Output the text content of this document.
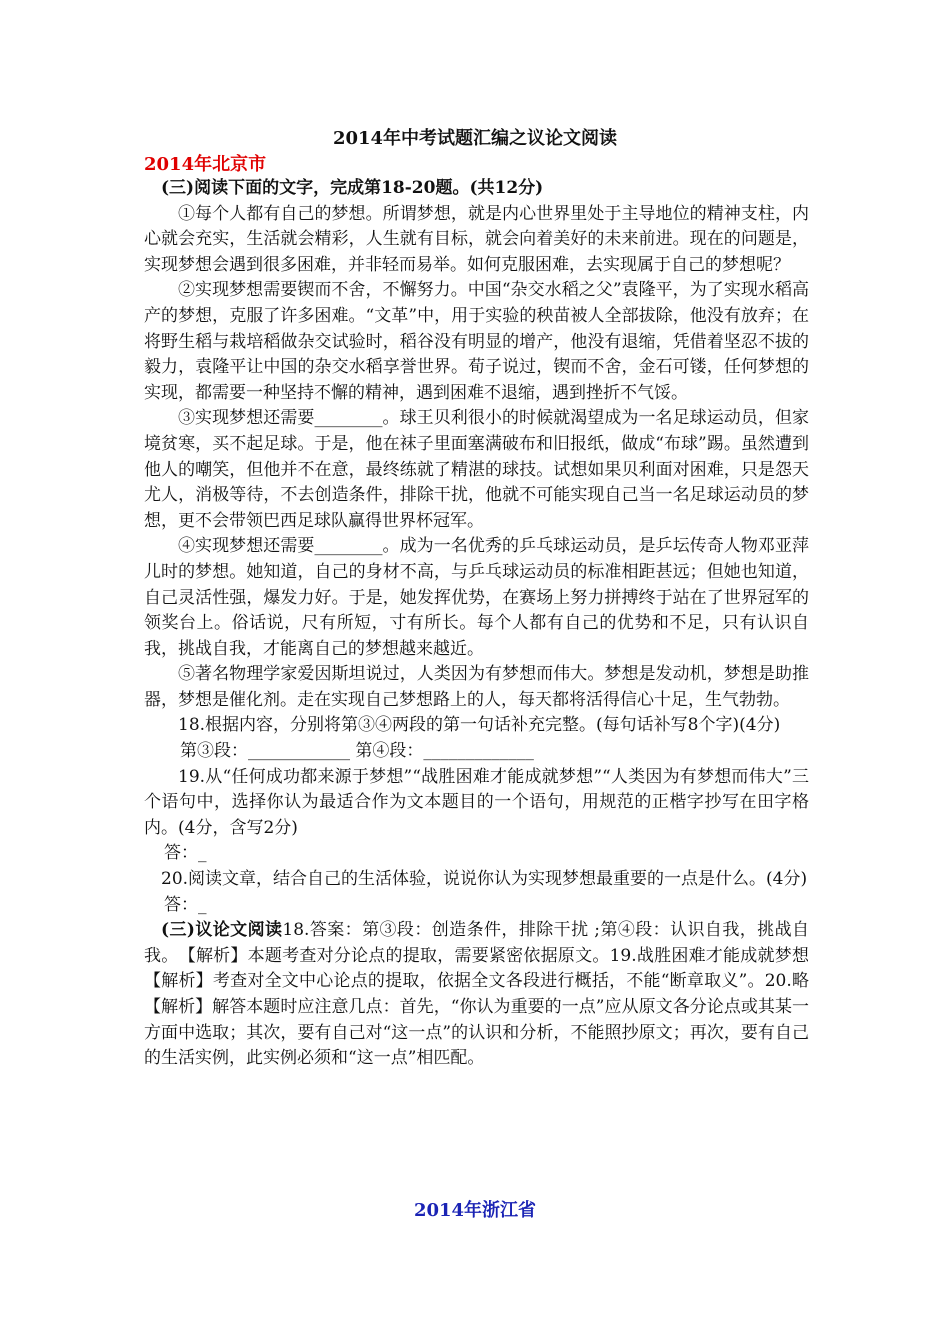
2014年中考试题汇编之议论文阅读
2014年北京市

(三)阅读下面的文字，完成第18-20题。(共12分)

①每个人都有自己的梦想。所谓梦想，就是内心世界里处于主导地位的精神支柱，内心就会充实，生活就会精彩，人生就有目标，就会向着美好的未来前进。现在的问题是，实现梦想会遇到很多困难，并非轻而易举。如何克服困难，去实现属于自己的梦想呢？

②实现梦想需要锲而不舍，不懈努力。中国“杂交水稻之父”袁隆平，为了实现水稻高产的梦想，克服了许多困难。“文革”中，用于实验的秧苗被人全部拔除，他没有放弃；在将野生稻与栽培稻做杂交试验时，稻谷没有明显的增产，他没有退缩，凭借着坚忍不拔的毅力，袁隆平让中国的杂交水稻享誉世界。荀子说过，锲而不舍，金石可镂，任何梦想的实现，都需要一种坚持不懈的精神，遇到困难不退缩，遇到挫折不气馁。

③实现梦想还需要________。球王贝利很小的时候就渴望成为一名足球运动员，但家境贫寒，买不起足球。于是，他在袜子里面塞满破布和旧报纸，做成“布球”踢。虽然遭到他人的嘲笑，但他并不在意，最终练就了精湛的球技。试想如果贝利面对困难，只是怨天尤人，消极等待，不去创造条件，排除干扰，他就不可能实现自己当一名足球运动员的梦想，更不会带领巴西足球队赢得世界杯冠军。

④实现梦想还需要________。成为一名优秀的乒乓球运动员，是乒坛传奇人物邓亚萍儿时的梦想。她知道，自己的身材不高，与乒乓球运动员的标准相距甚远；但她也知道，自己灵活性强，爆发力好。于是，她发挥优势，在赛场上努力拼搏终于站在了世界冠军的领奖台上。俗话说，尺有所短，寸有所长。每个人都有自己的优势和不足，只有认识自我，挑战自我，才能离自己的梦想越来越近。

⑤著名物理学家爱因斯坦说过，人类因为有梦想而伟大。梦想是发动机，梦想是助推器，梦想是催化剂。走在实现自己梦想路上的人，每天都将活得信心十足，生气勃勃。

18.根据内容，分别将第③④两段的第一句话补充完整。(每句话补写8个字)(4分)

第③段：____________ 第④段：_____________

19.从“任何成功都来源于梦想”“战胜困难才能成就梦想”“人类因为有梦想而伟大”三个语句中，选择你认为最适合作为文本题目的一个语句，用规范的正楷字抄写在田字格内。(4分，含写2分)

答：_

20.阅读文章，结合自己的生活体验，说说你认为实现梦想最重要的一点是什么。(4分)

答：_

(三)议论文阅读18.答案：第③段：创造条件，排除干扰 ;第④段：认识自我，挑战自我。　【解析】本题考查对分论点的提取，需要紧密依据原文。19.战胜困难才能成就梦想　　【解析】考查对全文中心论点的提取，依据全文各段进行概括，不能“断章取义”。20.略　　【解析】解答本题时应注意几点：首先，“你认为重要的一点”应从原文各分论点或其某一方面中选取；其次，要有自己对“这一点”的认识和分析，不能照抄原文；再次，要有自己的生活实例，此实例必须和“这一点”相匹配。

2014年浙江省
